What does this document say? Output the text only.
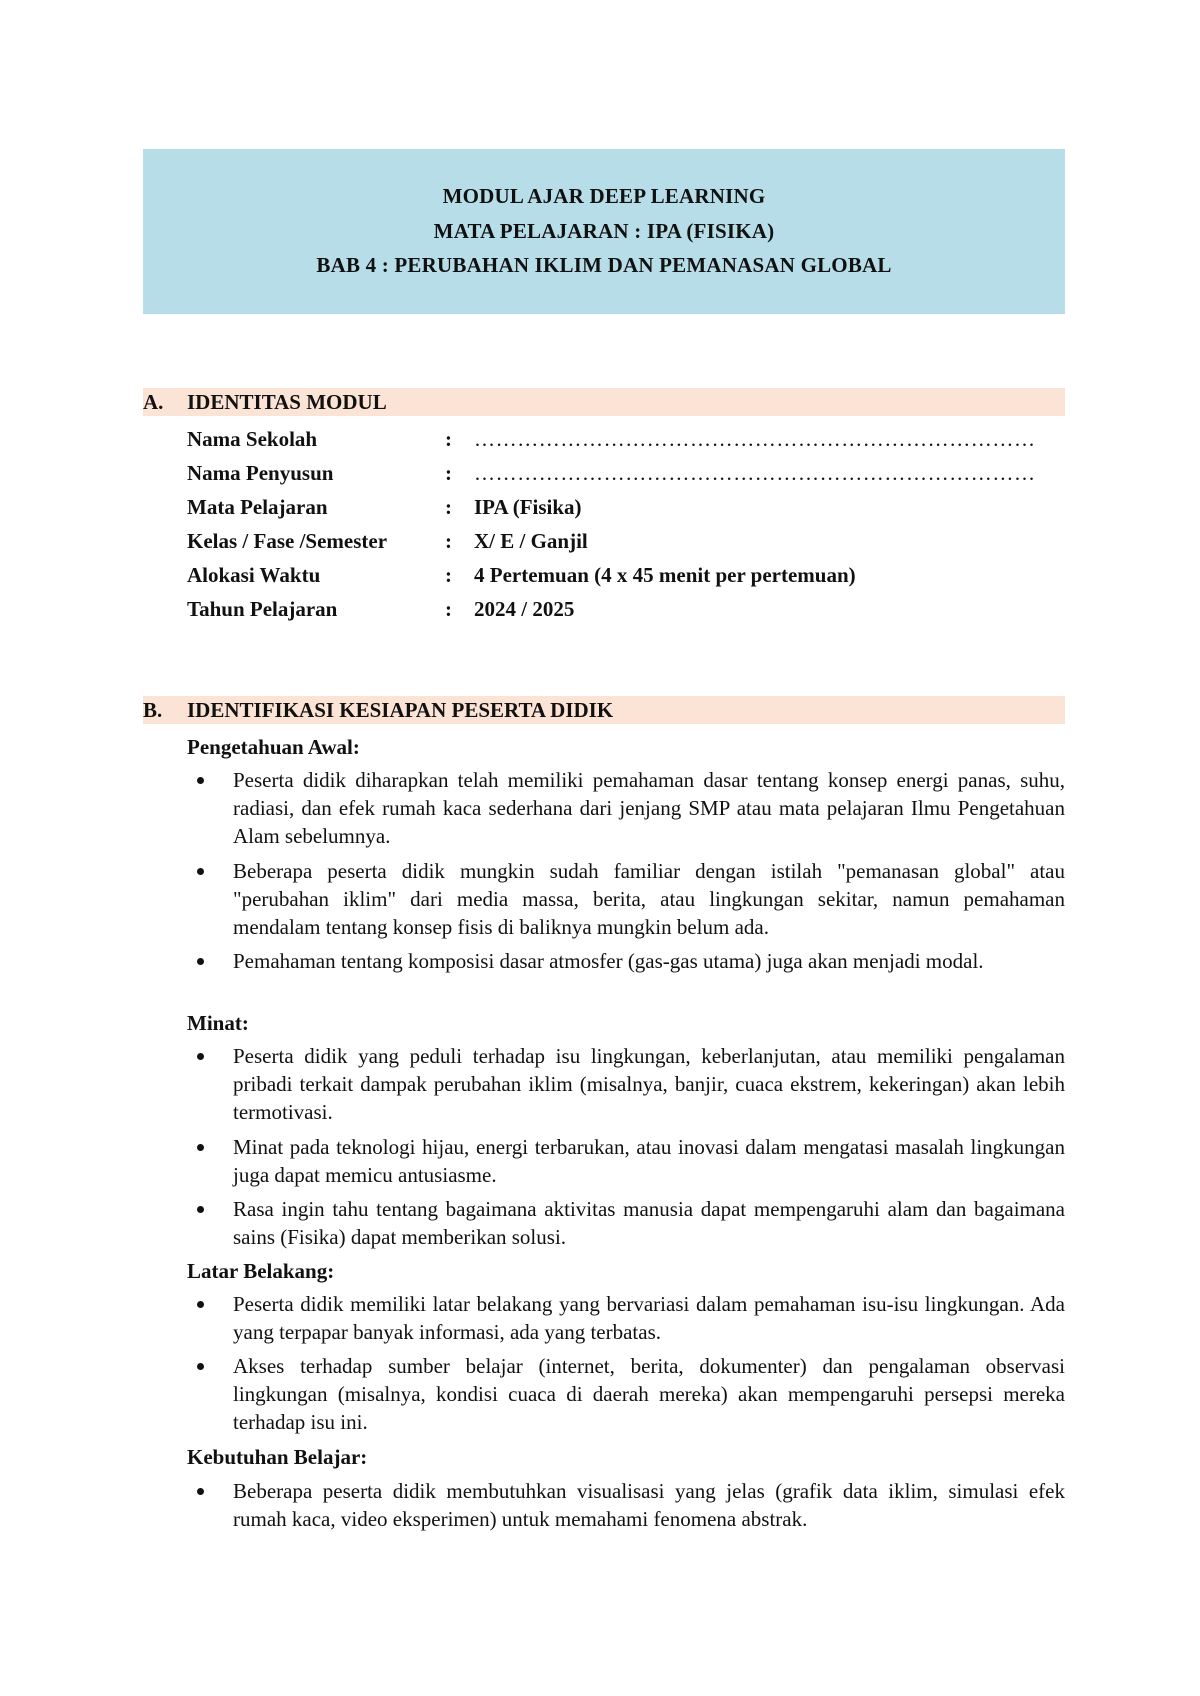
MODUL AJAR DEEP LEARNING
MATA PELAJARAN : IPA (FISIKA)
BAB 4 : PERUBAHAN IKLIM DAN PEMANASAN GLOBAL
A. IDENTITAS MODUL
Nama Sekolah	: ……………………………………………………………………
Nama Penyusun	: ……………………………………………………………………
Mata Pelajaran	: IPA (Fisika)
Kelas / Fase /Semester	: X/ E / Ganjil
Alokasi Waktu	: 4 Pertemuan (4 x 45 menit per pertemuan)
Tahun Pelajaran	: 2024 / 2025
B. IDENTIFIKASI KESIAPAN PESERTA DIDIK
Pengetahuan Awal:
Peserta didik diharapkan telah memiliki pemahaman dasar tentang konsep energi panas, suhu, radiasi, dan efek rumah kaca sederhana dari jenjang SMP atau mata pelajaran Ilmu Pengetahuan Alam sebelumnya.
Beberapa peserta didik mungkin sudah familiar dengan istilah "pemanasan global" atau "perubahan iklim" dari media massa, berita, atau lingkungan sekitar, namun pemahaman mendalam tentang konsep fisis di baliknya mungkin belum ada.
Pemahaman tentang komposisi dasar atmosfer (gas-gas utama) juga akan menjadi modal.
Minat:
Peserta didik yang peduli terhadap isu lingkungan, keberlanjutan, atau memiliki pengalaman pribadi terkait dampak perubahan iklim (misalnya, banjir, cuaca ekstrem, kekeringan) akan lebih termotivasi.
Minat pada teknologi hijau, energi terbarukan, atau inovasi dalam mengatasi masalah lingkungan juga dapat memicu antusiasme.
Rasa ingin tahu tentang bagaimana aktivitas manusia dapat mempengaruhi alam dan bagaimana sains (Fisika) dapat memberikan solusi.
Latar Belakang:
Peserta didik memiliki latar belakang yang bervariasi dalam pemahaman isu-isu lingkungan. Ada yang terpapar banyak informasi, ada yang terbatas.
Akses terhadap sumber belajar (internet, berita, dokumenter) dan pengalaman observasi lingkungan (misalnya, kondisi cuaca di daerah mereka) akan mempengaruhi persepsi mereka terhadap isu ini.
Kebutuhan Belajar:
Beberapa peserta didik membutuhkan visualisasi yang jelas (grafik data iklim, simulasi efek rumah kaca, video eksperimen) untuk memahami fenomena abstrak.
